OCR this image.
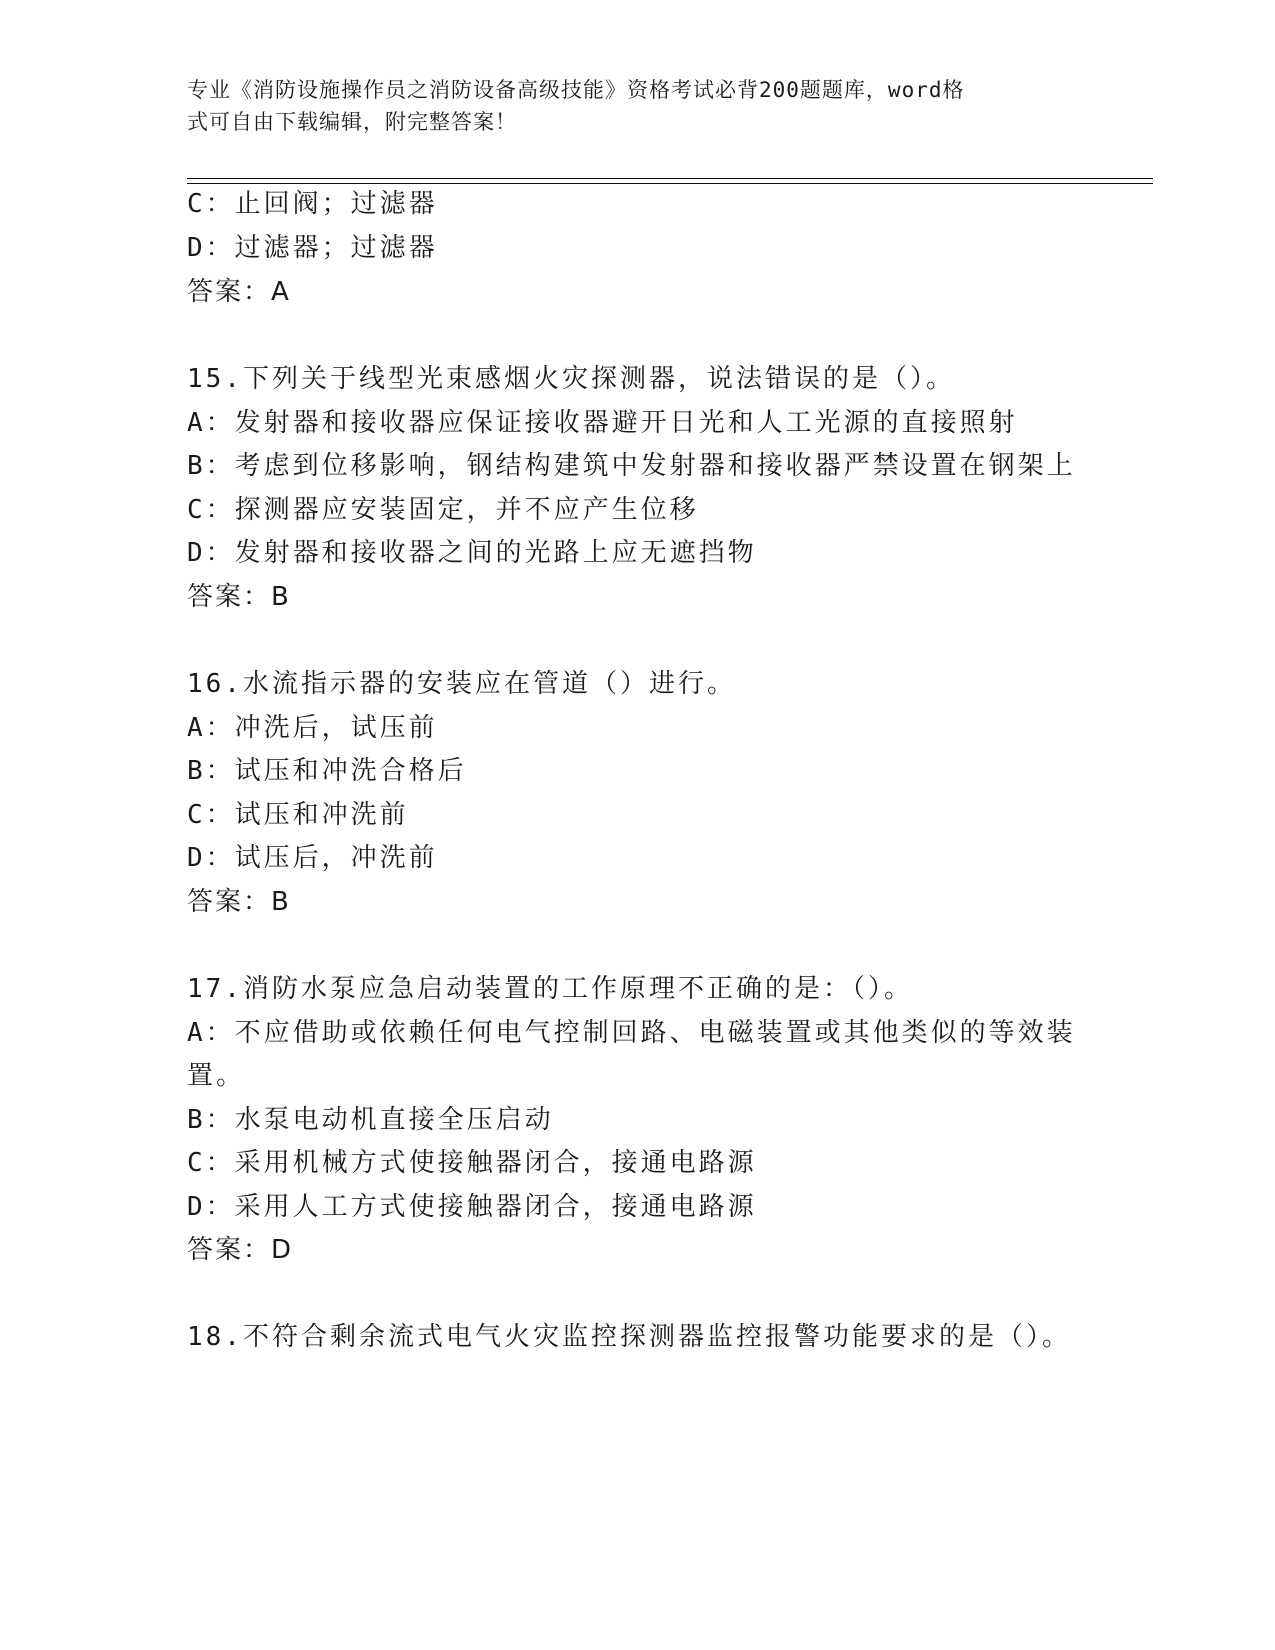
专业《消防设施操作员之消防设备高级技能》资格考试必背200题题库，word格
式可自由下载编辑，附完整答案！
C：止回阀；过滤器
D：过滤器；过滤器
答案：A
15.下列关于线型光束感烟火灾探测器，说法错误的是（）。
A：发射器和接收器应保证接收器避开日光和人工光源的直接照射
B：考虑到位移影响，钢结构建筑中发射器和接收器严禁设置在钢架上
C：探测器应安装固定，并不应产生位移
D：发射器和接收器之间的光路上应无遮挡物
答案：B
16.水流指示器的安装应在管道（）进行。
A：冲洗后，试压前
B：试压和冲洗合格后
C：试压和冲洗前
D：试压后，冲洗前
答案：B
17.消防水泵应急启动装置的工作原理不正确的是：（）。
A：不应借助或依赖任何电气控制回路、电磁装置或其他类似的等效装
置。
B：水泵电动机直接全压启动
C：采用机械方式使接触器闭合，接通电路源
D：采用人工方式使接触器闭合，接通电路源
答案：D
18.不符合剩余流式电气火灾监控探测器监控报警功能要求的是（）。
